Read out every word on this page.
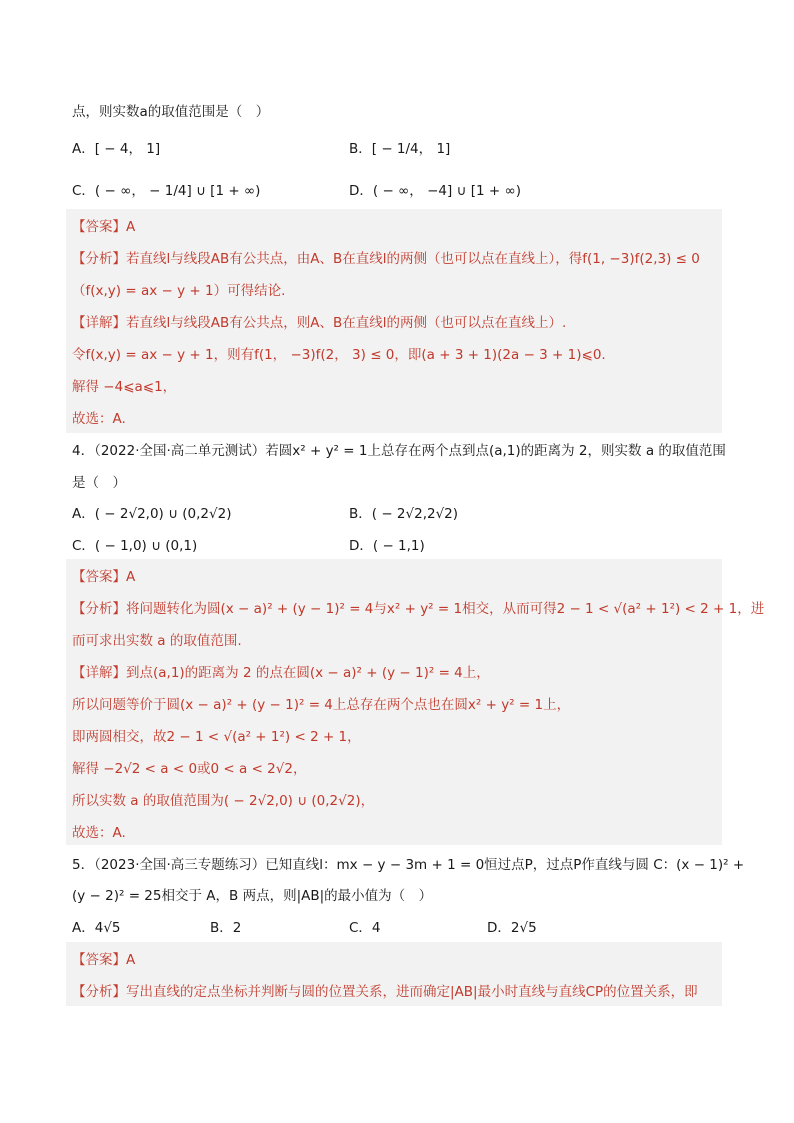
点，则实数a的取值范围是（　）
A．[ − 4， 1]	B．[ − 1/4， 1]
C．( − ∞， − 1/4] ∪ [1 + ∞)	D．( − ∞， −4] ∪ [1 + ∞)
【答案】A
【分析】若直线l与线段AB有公共点，由A、B在直线l的两侧（也可以点在直线上），得f(1, −3)f(2,3) ≤ 0
（f(x,y) = ax − y + 1）可得结论.
【详解】若直线l与线段AB有公共点，则A、B在直线l的两侧（也可以点在直线上）.
令f(x,y) = ax − y + 1，则有f(1， −3)f(2， 3) ≤ 0，即(a + 3 + 1)(2a − 3 + 1)⩽0.
解得 −4⩽a⩽1，
故选：A.
4．（2022·全国·高二单元测试）若圆x² + y² = 1上总存在两个点到点(a,1)的距离为 2，则实数 a 的取值范围
是（　）
A．( − 2√2,0) ∪ (0,2√2)	B．( − 2√2,2√2)
C．( − 1,0) ∪ (0,1)	D．( − 1,1)
【答案】A
【分析】将问题转化为圆(x − a)² + (y − 1)² = 4与x² + y² = 1相交，从而可得2 − 1 < √(a² + 1²) < 2 + 1，进
而可求出实数 a 的取值范围.
【详解】到点(a,1)的距离为 2 的点在圆(x − a)² + (y − 1)² = 4上，
所以问题等价于圆(x − a)² + (y − 1)² = 4上总存在两个点也在圆x² + y² = 1上，
即两圆相交，故2 − 1 < √(a² + 1²) < 2 + 1，
解得 −2√2 < a < 0或0 < a < 2√2，
所以实数 a 的取值范围为( − 2√2,0) ∪ (0,2√2)，
故选：A.
5．（2023·全国·高三专题练习）已知直线l：mx − y − 3m + 1 = 0恒过点P，过点P作直线与圆 C：(x − 1)² +
(y − 2)² = 25相交于 A，B 两点，则|AB|的最小值为（　）
A．4√5	B．2	C．4	D．2√5
【答案】A
【分析】写出直线的定点坐标并判断与圆的位置关系，进而确定|AB|最小时直线与直线CP的位置关系，即
